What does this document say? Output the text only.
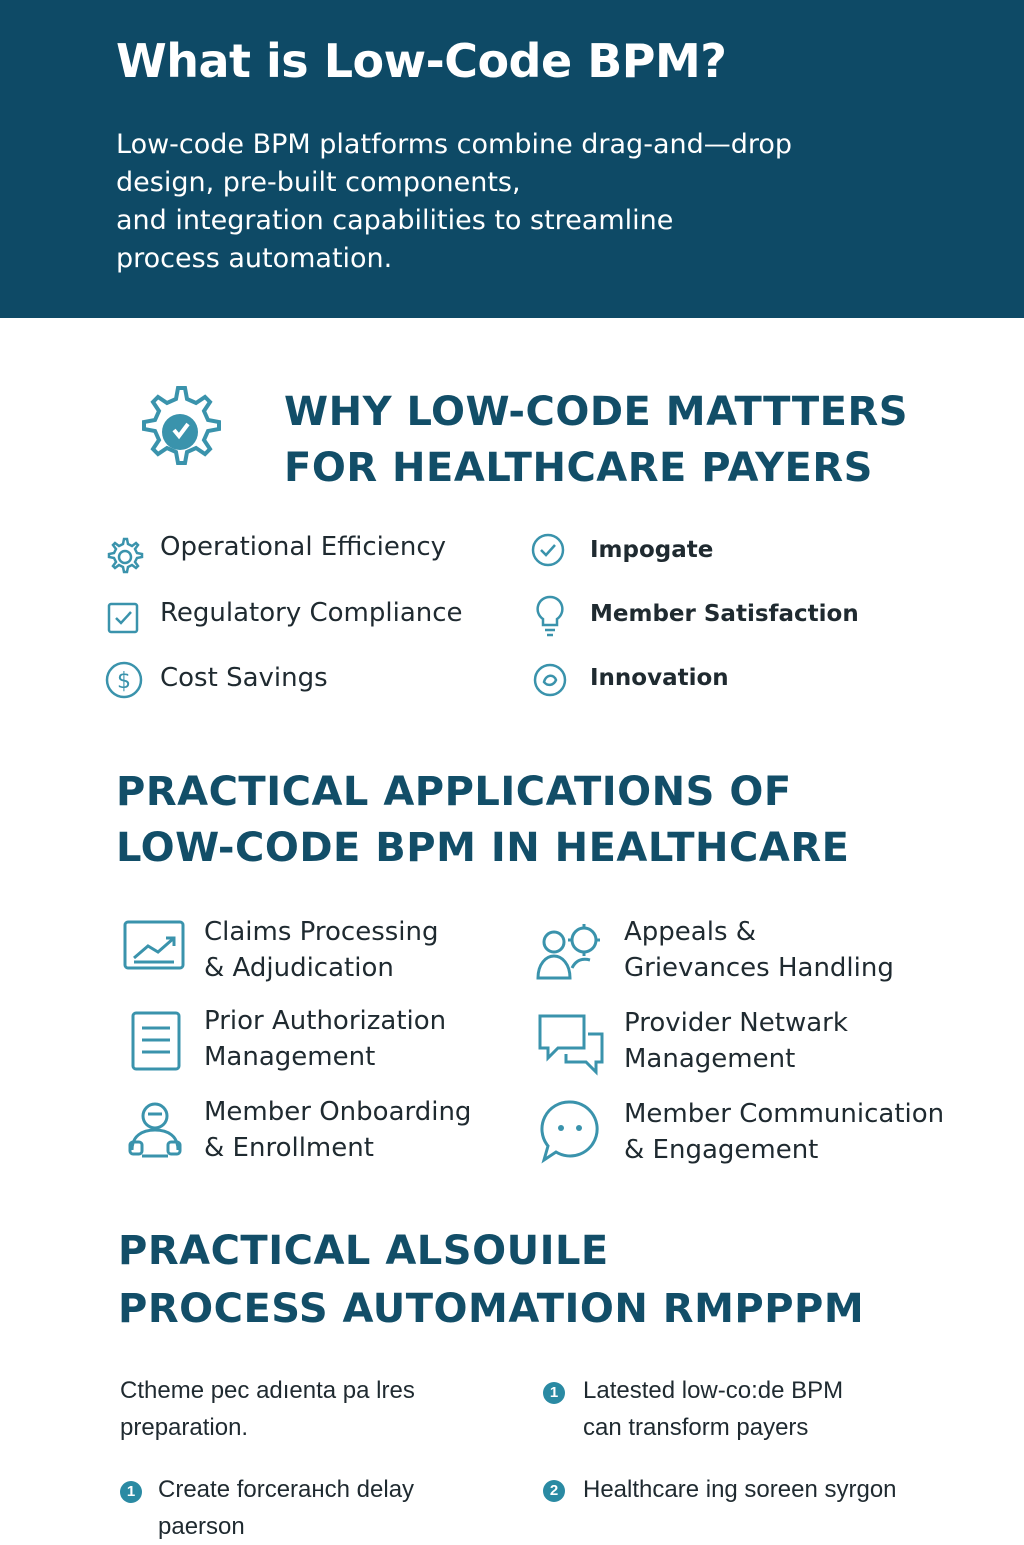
What is Low-Code BPM?
Low-code BPM platforms combine drag-and—drop
design, pre-built components,
and integration capabilities to streamline
process automation.
WHY LOW-CODE MATTTERS
FOR HEALTHCARE PAYERS
Operational Efficiency	Impogate
Regulatory Compliance	Member Satisfaction
$ Cost Savings	Innovation
PRACTICAL APPLICATIONS OF
LOW-CODE BPM IN HEALTHCARE
Claims Processing
& Adjudication
Appeals &
Grievances Handling
Prior Authorization
Management
Provider Netwark
Management
Member Onboarding
& Enrollment
Member Communication
& Engagement
PRACTICAL ALSOUILE
PROCESS AUTOMATION RMPPPM
Ctheme pec adıenta pa lres
preparation.
1 Latested low-co:de BPM
can transform payers
1 Create forcerанch delay
paerson
2 Healthcare ing soreen syrgon
